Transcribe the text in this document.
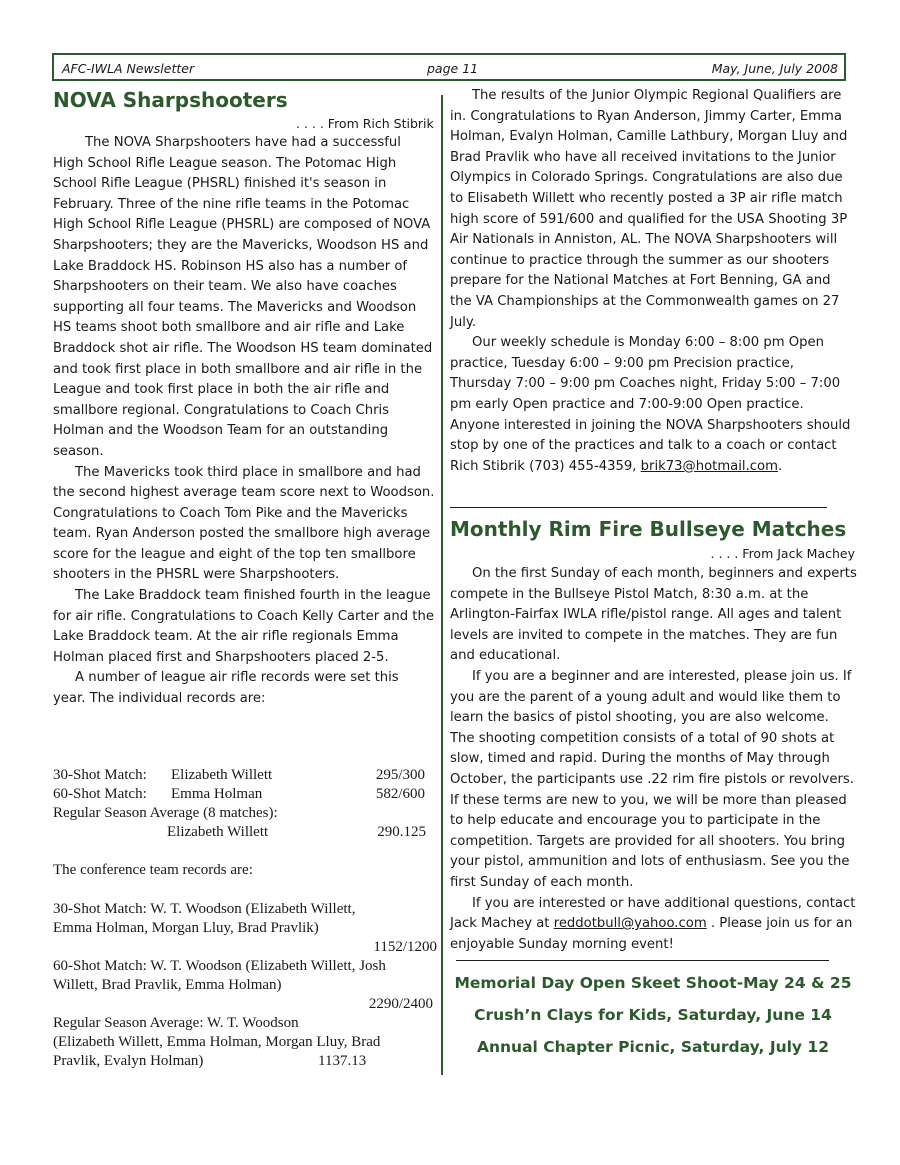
AFC-IWLA Newsletter	page 11	May, June, July 2008
NOVA Sharpshooters
. . . . From Rich Stibrik

The NOVA Sharpshooters have had a successful High School Rifle League season. The Potomac High School Rifle League (PHSRL) finished it's season in February. Three of the nine rifle teams in the Potomac High School Rifle League (PHSRL) are composed of NOVA Sharpshooters; they are the Mavericks, Woodson HS and Lake Braddock HS. Robinson HS also has a number of Sharpshooters on their team. We also have coaches supporting all four teams. The Mavericks and Woodson HS teams shoot both smallbore and air rifle and Lake Braddock shot air rifle. The Woodson HS team dominated and took first place in both smallbore and air rifle in the League and took first place in both the air rifle and smallbore regional. Congratulations to Coach Chris Holman and the Woodson Team for an outstanding season.

The Mavericks took third place in smallbore and had the second highest average team score next to Woodson. Congratulations to Coach Tom Pike and the Mavericks team. Ryan Anderson posted the smallbore high average score for the league and eight of the top ten smallbore shooters in the PHSRL were Sharpshooters.

The Lake Braddock team finished fourth in the league for air rifle. Congratulations to Coach Kelly Carter and the Lake Braddock team. At the air rifle regionals Emma Holman placed first and Sharpshooters placed 2-5.

A number of league air rifle records were set this year. The individual records are:

30-Shot Match: Elizabeth Willett	295/300
60-Shot Match: Emma Holman	582/600
Regular Season Average (8 matches):
Elizabeth Willett	290.125
The conference team records are:
30-Shot Match: W. T. Woodson (Elizabeth Willett,
Emma Holman, Morgan Lluy, Brad Pravlik)
1152/1200
60-Shot Match: W. T. Woodson (Elizabeth Willett, Josh
Willett, Brad Pravlik, Emma Holman)
2290/2400
Regular Season Average: W. T. Woodson
(Elizabeth Willett, Emma Holman, Morgan Lluy, Brad
Pravlik, Evalyn Holman)	1137.13

The results of the Junior Olympic Regional Qualifiers are in. Congratulations to Ryan Anderson, Jimmy Carter, Emma Holman, Evalyn Holman, Camille Lathbury, Morgan Lluy and Brad Pravlik who have all received invitations to the Junior Olympics in Colorado Springs. Congratulations are also due to Elisabeth Willett who recently posted a 3P air rifle match high score of 591/600 and qualified for the USA Shooting 3P Air Nationals in Anniston, AL. The NOVA Sharpshooters will continue to practice through the summer as our shooters prepare for the National Matches at Fort Benning, GA and the VA Championships at the Commonwealth games on 27 July.

Our weekly schedule is Monday 6:00 – 8:00 pm Open practice, Tuesday 6:00 – 9:00 pm Precision practice, Thursday 7:00 – 9:00 pm Coaches night, Friday 5:00 – 7:00 pm early Open practice and 7:00-9:00 Open practice. Anyone interested in joining the NOVA Sharpshooters should stop by one of the practices and talk to a coach or contact Rich Stibrik (703) 455-4359, brik73@hotmail.com.

Monthly Rim Fire Bullseye Matches
. . . . From Jack Machey

On the first Sunday of each month, beginners and experts compete in the Bullseye Pistol Match, 8:30 a.m. at the Arlington-Fairfax IWLA rifle/pistol range. All ages and talent levels are invited to compete in the matches. They are fun and educational.

If you are a beginner and are interested, please join us. If you are the parent of a young adult and would like them to learn the basics of pistol shooting, you are also welcome. The shooting competition consists of a total of 90 shots at slow, timed and rapid. During the months of May through October, the participants use .22 rim fire pistols or revolvers. If these terms are new to you, we will be more than pleased to help educate and encourage you to participate in the competition. Targets are provided for all shooters. You bring your pistol, ammunition and lots of enthusiasm. See you the first Sunday of each month.

If you are interested or have additional questions, contact Jack Machey at reddotbull@yahoo.com . Please join us for an enjoyable Sunday morning event!

Memorial Day Open Skeet Shoot-May 24 & 25
Crush’n Clays for Kids, Saturday, June 14
Annual Chapter Picnic, Saturday, July 12
